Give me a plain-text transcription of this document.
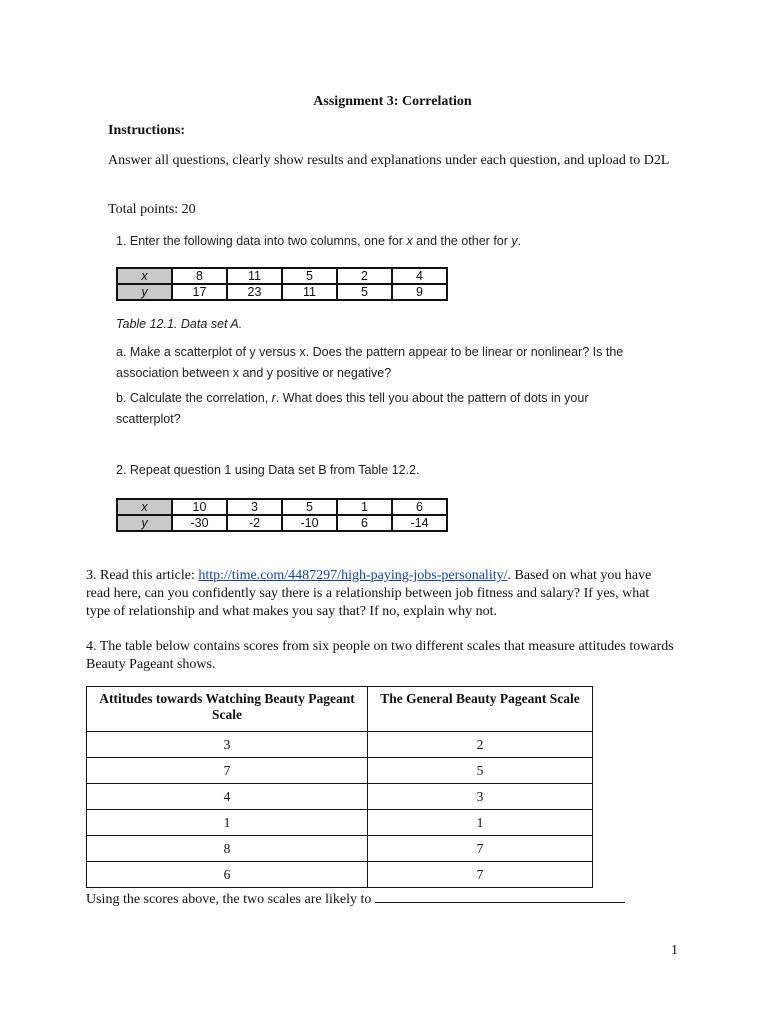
Assignment 3: Correlation
Instructions:
Answer all questions, clearly show results and explanations under each question, and upload to D2L
Total points: 20
1. Enter the following data into two columns, one for x and the other for y.
x	8	11	5	2	4
y	17	23	11	5	9
Table 12.1. Data set A.
a. Make a scatterplot of y versus x. Does the pattern appear to be linear or nonlinear? Is the association between x and y positive or negative?
b. Calculate the correlation, r. What does this tell you about the pattern of dots in your scatterplot?
2. Repeat question 1 using Data set B from Table 12.2.
x	10	3	5	1	6
y	-30	-2	-10	6	-14
3. Read this article: http://time.com/4487297/high-paying-jobs-personality/. Based on what you have read here, can you confidently say there is a relationship between job fitness and salary? If yes, what type of relationship and what makes you say that? If no, explain why not.
4. The table below contains scores from six people on two different scales that measure attitudes towards Beauty Pageant shows.
Attitudes towards Watching Beauty Pageant Scale	The General Beauty Pageant Scale
3	2
7	5
4	3
1	1
8	7
6	7
Using the scores above, the two scales are likely to
1
